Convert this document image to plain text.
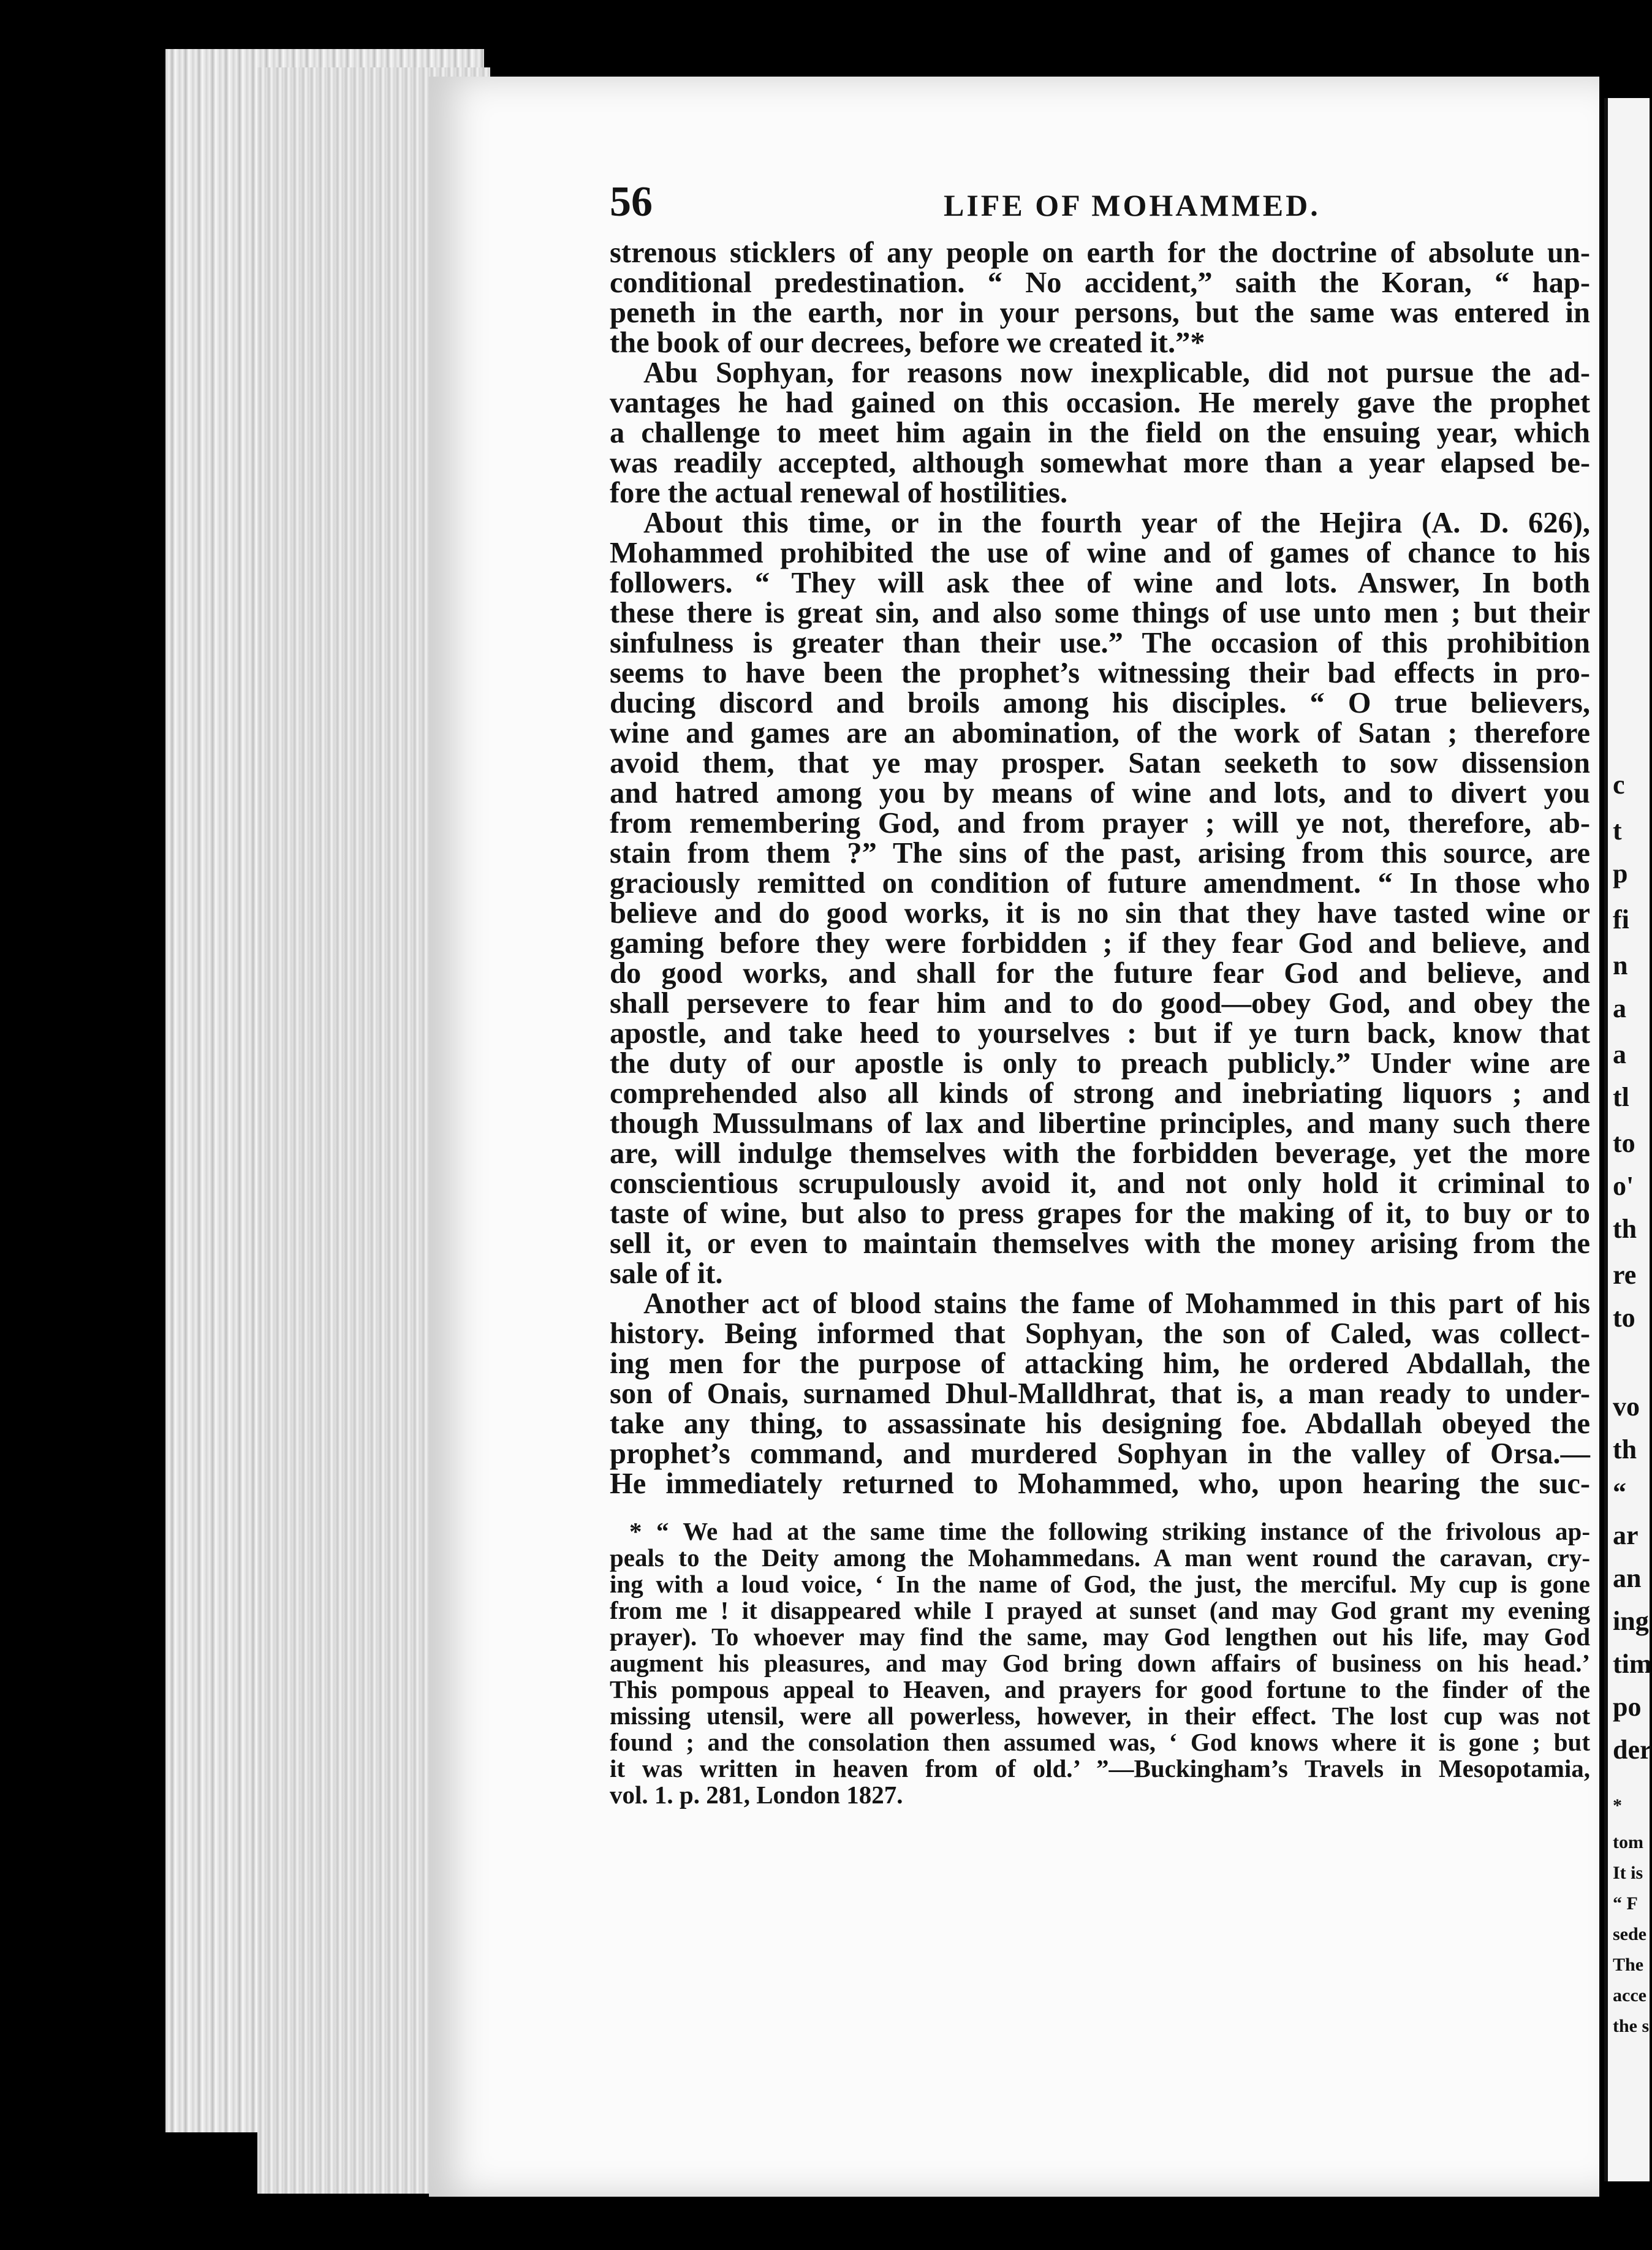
56	LIFE OF MOHAMMED.
strenous sticklers of any people on earth for the doctrine of absolute un-
conditional predestination. “ No accident,” saith the Koran, “ hap-
peneth in the earth, nor in your persons, but the same was entered in
the book of our decrees, before we created it.”*
Abu Sophyan, for reasons now inexplicable, did not pursue the ad-
vantages he had gained on this occasion. He merely gave the prophet
a challenge to meet him again in the field on the ensuing year, which
was readily accepted, although somewhat more than a year elapsed be-
fore the actual renewal of hostilities.
About this time, or in the fourth year of the Hejira (A. D. 626),
Mohammed prohibited the use of wine and of games of chance to his
followers. “ They will ask thee of wine and lots. Answer, In both
these there is great sin, and also some things of use unto men ; but their
sinfulness is greater than their use.” The occasion of this prohibition
seems to have been the prophet’s witnessing their bad effects in pro-
ducing discord and broils among his disciples. “ O true believers,
wine and games are an abomination, of the work of Satan ; therefore
avoid them, that ye may prosper. Satan seeketh to sow dissension
and hatred among you by means of wine and lots, and to divert you
from remembering God, and from prayer ; will ye not, therefore, ab-
stain from them ?” The sins of the past, arising from this source, are
graciously remitted on condition of future amendment. “ In those who
believe and do good works, it is no sin that they have tasted wine or
gaming before they were forbidden ; if they fear God and believe, and
do good works, and shall for the future fear God and believe, and
shall persevere to fear him and to do good—obey God, and obey the
apostle, and take heed to yourselves : but if ye turn back, know that
the duty of our apostle is only to preach publicly.” Under wine are
comprehended also all kinds of strong and inebriating liquors ; and
though Mussulmans of lax and libertine principles, and many such there
are, will indulge themselves with the forbidden beverage, yet the more
conscientious scrupulously avoid it, and not only hold it criminal to
taste of wine, but also to press grapes for the making of it, to buy or to
sell it, or even to maintain themselves with the money arising from the
sale of it.
Another act of blood stains the fame of Mohammed in this part of his
history. Being informed that Sophyan, the son of Caled, was collect-
ing men for the purpose of attacking him, he ordered Abdallah, the
son of Onais, surnamed Dhul-Malldhrat, that is, a man ready to under-
take any thing, to assassinate his designing foe. Abdallah obeyed the
prophet’s command, and murdered Sophyan in the valley of Orsa.—
He immediately returned to Mohammed, who, upon hearing the suc-
* “ We had at the same time the following striking instance of the frivolous ap-
peals to the Deity among the Mohammedans. A man went round the caravan, cry-
ing with a loud voice, ‘ In the name of God, the just, the merciful. My cup is gone
from me ! it disappeared while I prayed at sunset (and may God grant my evening
prayer). To whoever may find the same, may God lengthen out his life, may God
augment his pleasures, and may God bring down affairs of business on his head.’
This pompous appeal to Heaven, and prayers for good fortune to the finder of the
missing utensil, were all powerless, however, in their effect. The lost cup was not
found ; and the consolation then assumed was, ‘ God knows where it is gone ; but
it was written in heaven from of old.’ ”—Buckingham’s Travels in Mesopotamia,
vol. 1. p. 281, London 1827.
c
t
p
fi
n
a
a
tl
to
o'
th
re
to
vo
th
“
ar
an
ing
tim
po
der
*
tom
It is
“ F
sede
The
acce
the s
